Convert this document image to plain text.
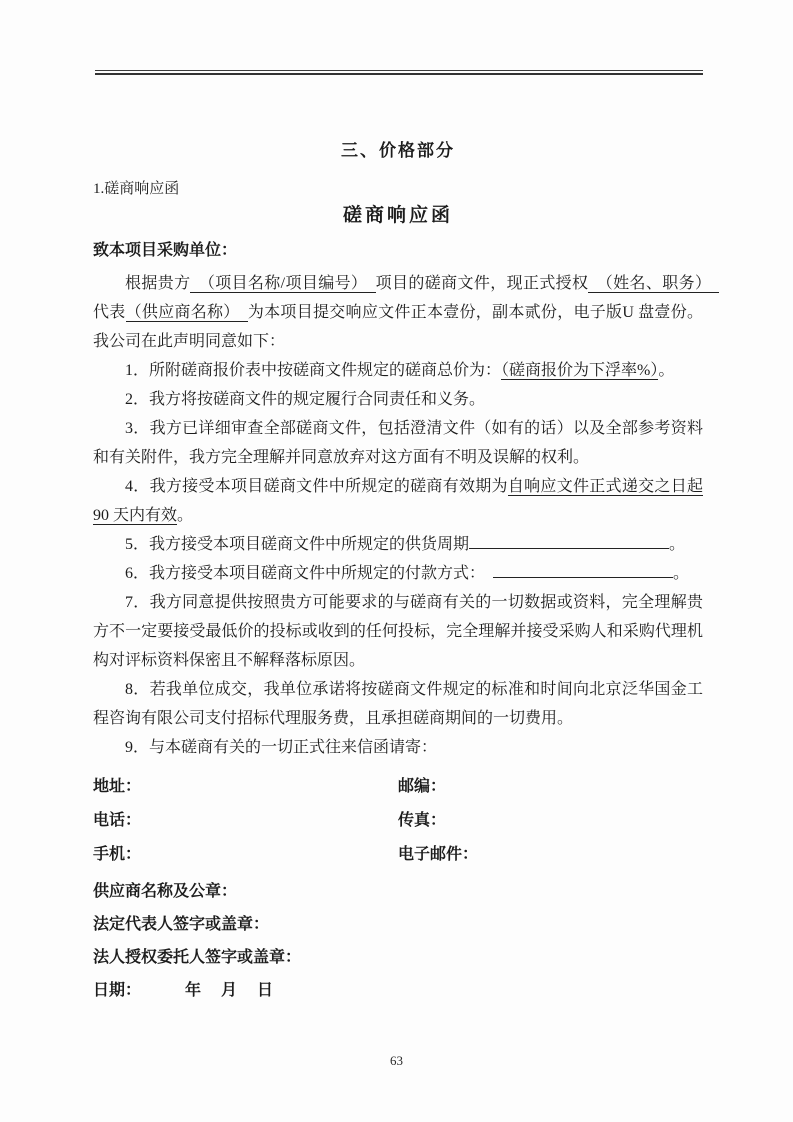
三、价格部分
1.磋商响应函
磋商响应函
致本项目采购单位：

根据贵方　（项目名称/项目编号）　项目的磋商文件，现正式授权　（姓名、职务）　代表（供应商名称）　为本项目提交响应文件正本壹份，副本贰份，电子版U 盘壹份。我公司在此声明同意如下：

1．所附磋商报价表中按磋商文件规定的磋商总价为：（磋商报价为下浮率%）。

2．我方将按磋商文件的规定履行合同责任和义务。

3．我方已详细审查全部磋商文件，包括澄清文件（如有的话）以及全部参考资料和有关附件，我方完全理解并同意放弃对这方面有不明及误解的权利。

4．我方接受本项目磋商文件中所规定的磋商有效期为自响应文件正式递交之日起90 天内有效。

5．我方接受本项目磋商文件中所规定的供货周期	。

6．我方接受本项目磋商文件中所规定的付款方式：	。

7．我方同意提供按照贵方可能要求的与磋商有关的一切数据或资料，完全理解贵方不一定要接受最低价的投标或收到的任何投标，完全理解并接受采购人和采购代理机构对评标资料保密且不解释落标原因。

8．若我单位成交，我单位承诺将按磋商文件规定的标准和时间向北京泛华国金工程咨询有限公司支付招标代理服务费，且承担磋商期间的一切费用。

9．与本磋商有关的一切正式往来信函请寄：

地址：	邮编：
电话：	传真：
手机：	电子邮件：
供应商名称及公章：
法定代表人签字或盖章：
法人授权委托人签字或盖章：
日期：	年 月 日
63
